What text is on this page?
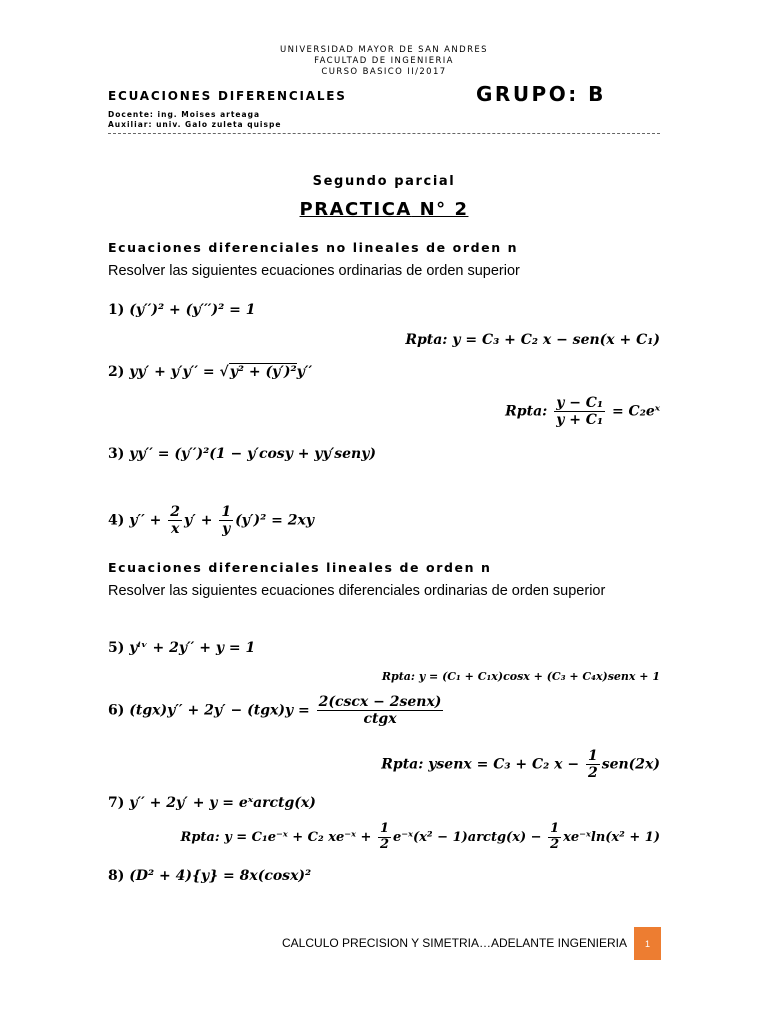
UNIVERSIDAD MAYOR DE SAN ANDRES
FACULTAD DE INGENIERIA
CURSO BASICO II/2017
ECUACIONES DIFERENCIALES	GRUPO: B
Docente: ing. Moises arteaga
Auxiliar: univ. Galo zuleta quispe
Segundo parcial
PRACTICA N° 2
Ecuaciones diferenciales no lineales de orden n
Resolver las siguientes ecuaciones ordinarias de orden superior
1) (y′′)² + (y′′′)² = 1
Rpta: y = C₃ + C₂ x − sen(x + C₁)
2) yy′ + y′y′′ = √y² + (y′)²y′′
Rpta: $\frac{\text{y − C₁}}{\text{y + C₁}}$ = C₂eˣ
3) yy′′ = (y′′)²(1 − y′cosy + yy′seny)
4) $y'' + \frac{2}{x} y' + \frac{1}{y} (y')^2 = 2xy$
Ecuaciones diferenciales lineales de orden n
Resolver las siguientes ecuaciones diferenciales ordinarias de orden superior
5) yⁱᵛ + 2y′′ + y = 1
Rpta: y = (C₁ + C₁x)cosx + (C₃ + C₄x)senx + 1
6) $(tgx)y'' + 2y' - (tgx)y = \frac{\text{2(cscx − 2senx)}}{\text{ctgx}}$
Rpta: ysenx = C₃ + C₂ $x - \frac{1}{2} sen(2x)$
7) y′′ + 2y′ + y = eˣarctg(x)
Rpta: y = C₁e⁻ˣ + C₂ xe⁻ˣ + $\frac{1}{2}$ e⁻ˣ(x² − 1)arctg(x) − $\frac{1}{2}$ xe⁻ˣln(x² + 1)
8) (D² + 4){y} = 8x(cosx)²
CALCULO PRECISION Y SIMETRIA…ADELANTE INGENIERIA	1
